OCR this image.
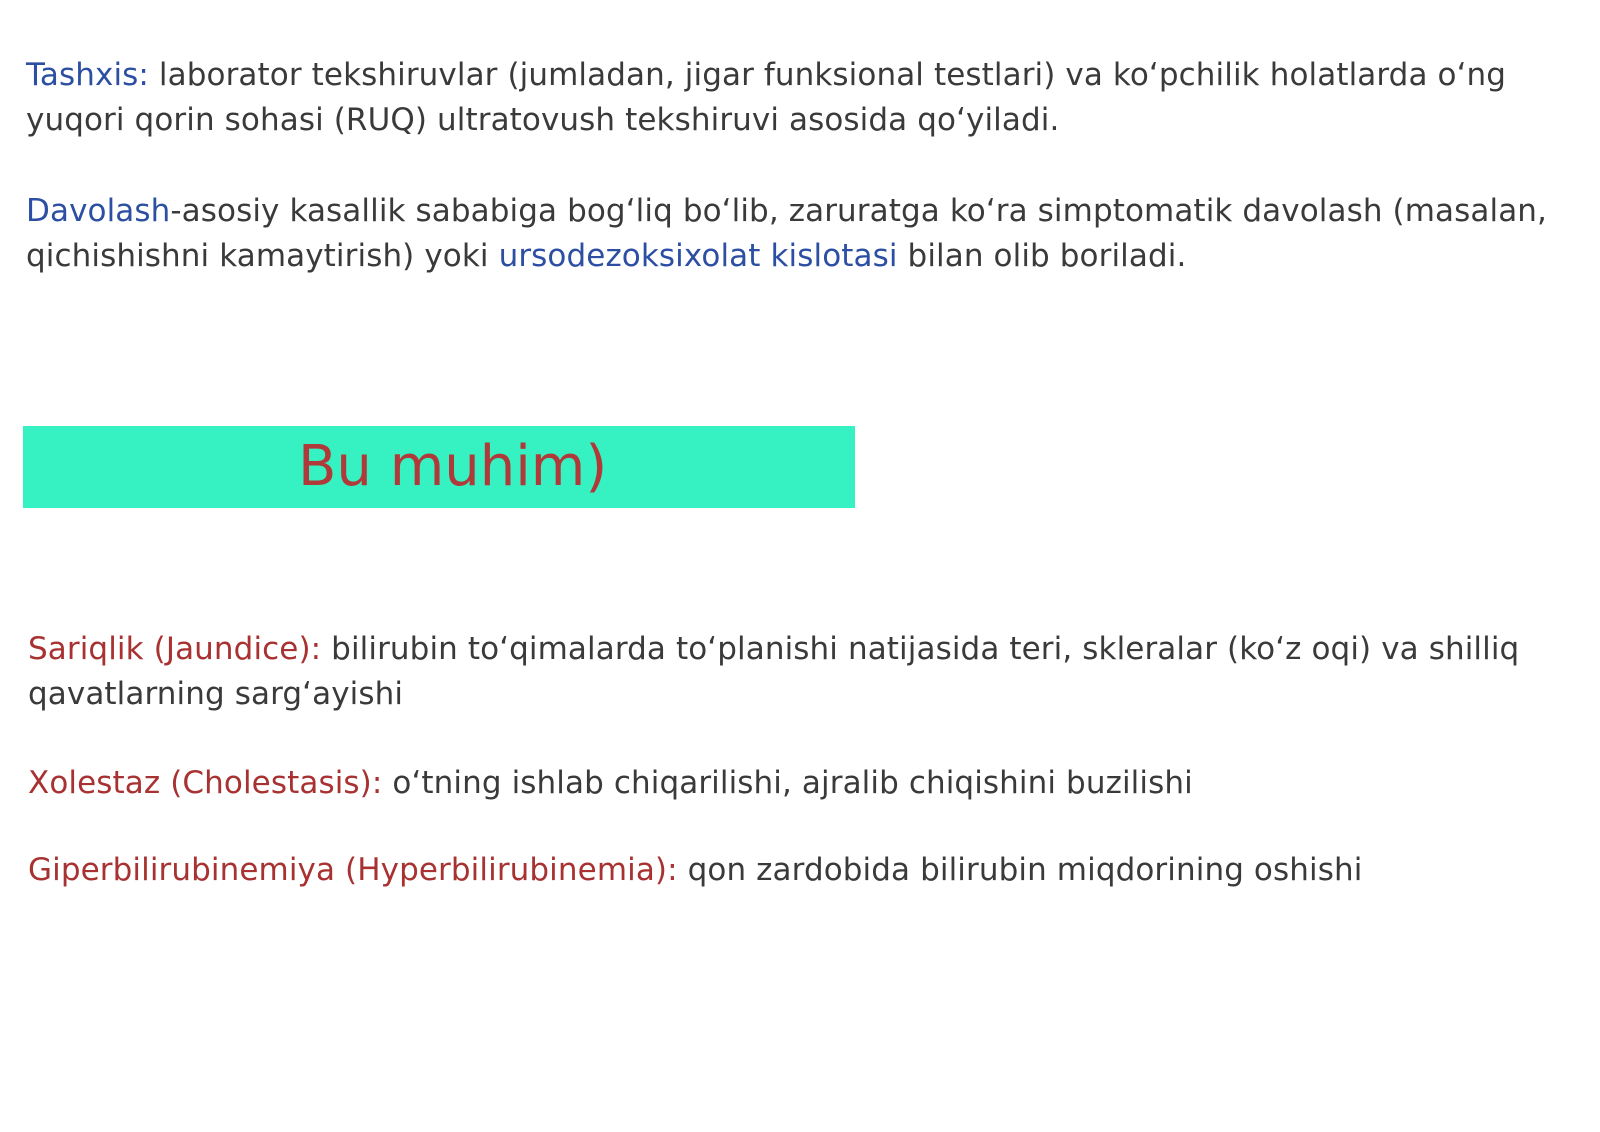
Tashxis: laborator tekshiruvlar (jumladan, jigar funksional testlari) va koʻpchilik holatlarda oʻng yuqori qorin sohasi (RUQ) ultratovush tekshiruvi asosida qoʻyiladi.

Davolash-asosiy kasallik sababiga bogʻliq boʻlib, zaruratga koʻra simptomatik davolash (masalan, qichishishni kamaytirish) yoki ursodezoksixolat kislotasi bilan olib boriladi.

Bu muhim)

Sariqlik (Jaundice): bilirubin toʻqimalarda toʻplanishi natijasida teri, skleralar (koʻz oqi) va shilliq qavatlarning sargʻayishi

Xolestaz (Cholestasis): oʻtning ishlab chiqarilishi, ajralib chiqishini buzilishi

Giperbilirubinemiya (Hyperbilirubinemia): qon zardobida bilirubin miqdorining oshishi
